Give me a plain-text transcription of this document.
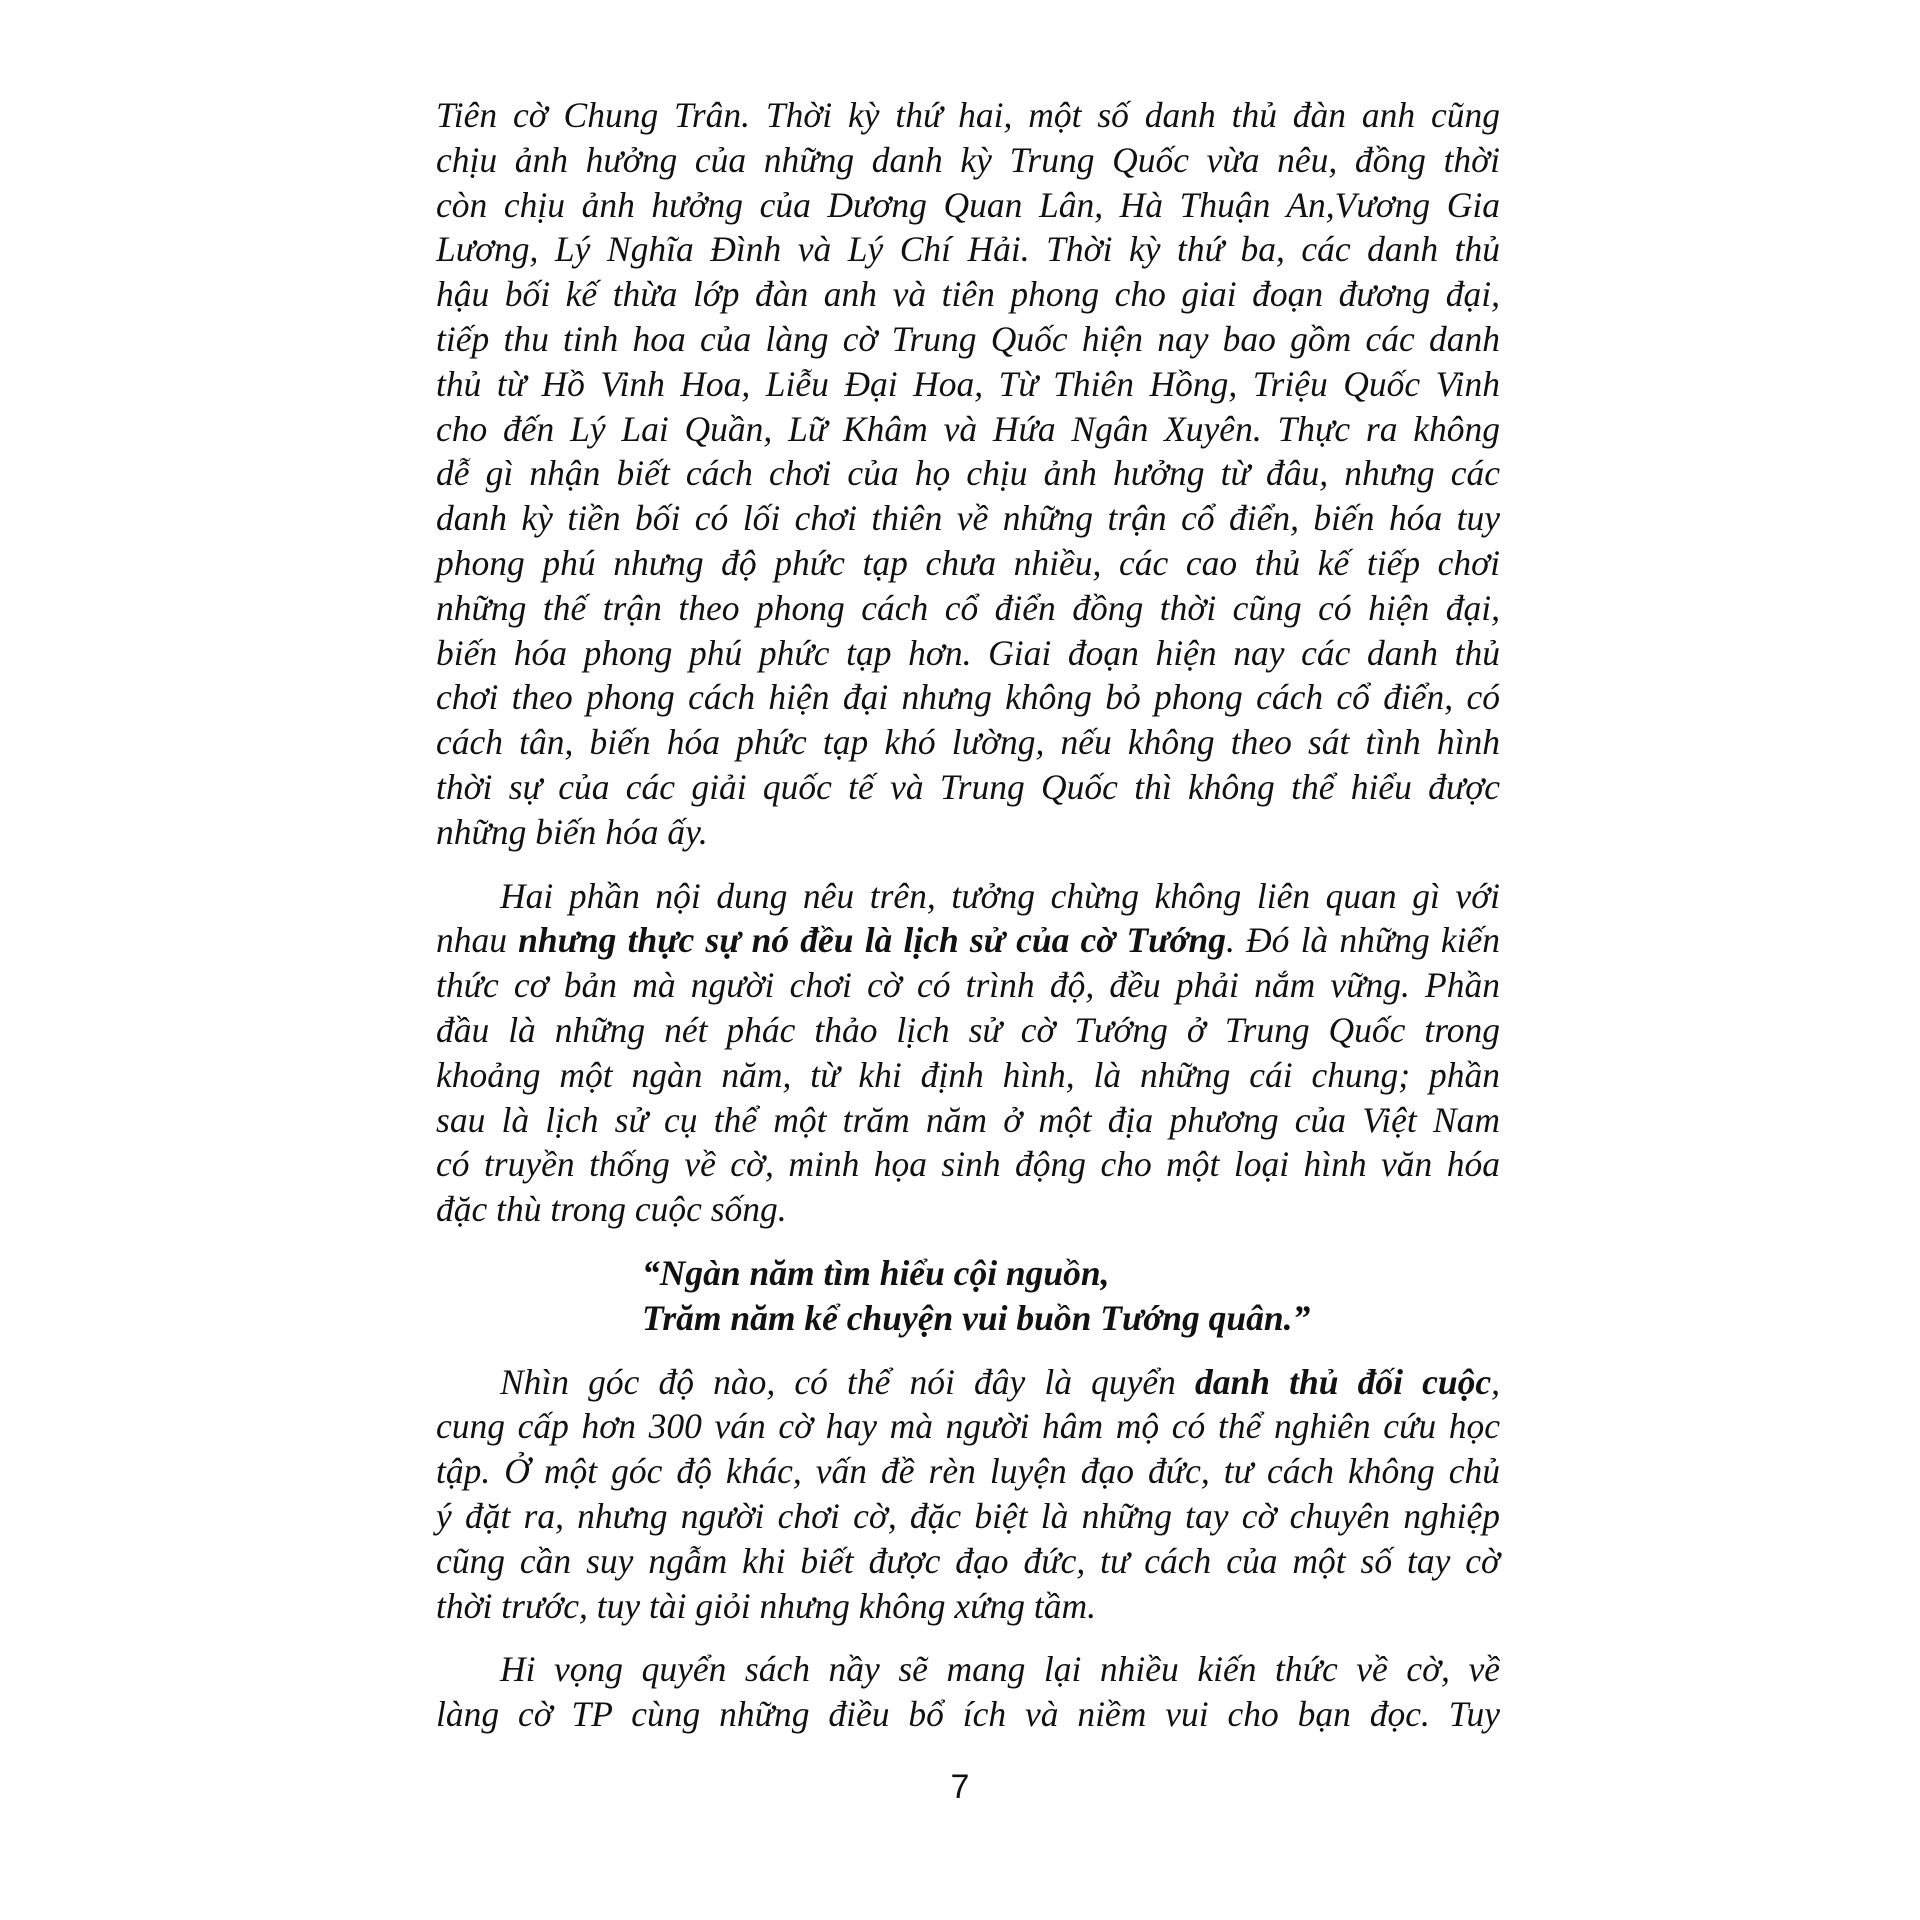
Tiên cờ Chung Trân. Thời kỳ thứ hai, một số danh thủ đàn anh cũng
chịu ảnh hưởng của những danh kỳ Trung Quốc vừa nêu, đồng thời
còn chịu ảnh hưởng của Dương Quan Lân, Hà Thuận An,Vương Gia
Lương, Lý Nghĩa Đình và Lý Chí Hải. Thời kỳ thứ ba, các danh thủ
hậu bối kế thừa lớp đàn anh và tiên phong cho giai đoạn đương đại,
tiếp thu tinh hoa của làng cờ Trung Quốc hiện nay bao gồm các danh
thủ từ Hồ Vinh Hoa, Liễu Đại Hoa, Từ Thiên Hồng, Triệu Quốc Vinh
cho đến Lý Lai Quần, Lữ Khâm và Hứa Ngân Xuyên. Thực ra không
dễ gì nhận biết cách chơi của họ chịu ảnh hưởng từ đâu, nhưng các
danh kỳ tiền bối có lối chơi thiên về những trận cổ điển, biến hóa tuy
phong phú nhưng độ phức tạp chưa nhiều, các cao thủ kế tiếp chơi
những thế trận theo phong cách cổ điển đồng thời cũng có hiện đại,
biến hóa phong phú phức tạp hơn. Giai đoạn hiện nay các danh thủ
chơi theo phong cách hiện đại nhưng không bỏ phong cách cổ điển, có
cách tân, biến hóa phức tạp khó lường, nếu không theo sát tình hình
thời sự của các giải quốc tế và Trung Quốc thì không thể hiểu được
những biến hóa ấy.
Hai phần nội dung nêu trên, tưởng chừng không liên quan gì với
nhau nhưng thực sự nó đều là lịch sử của cờ Tướng. Đó là những kiến
thức cơ bản mà người chơi cờ có trình độ, đều phải nắm vững. Phần
đầu là những nét phác thảo lịch sử cờ Tướng ở Trung Quốc trong
khoảng một ngàn năm, từ khi định hình, là những cái chung; phần
sau là lịch sử cụ thể một trăm năm ở một địa phương của Việt Nam
có truyền thống về cờ, minh họa sinh động cho một loại hình văn hóa
đặc thù trong cuộc sống.
“Ngàn năm tìm hiểu cội nguồn,
Trăm năm kể chuyện vui buồn Tướng quân.”
Nhìn góc độ nào, có thể nói đây là quyển danh thủ đối cuộc,
cung cấp hơn 300 ván cờ hay mà người hâm mộ có thể nghiên cứu học
tập. Ở một góc độ khác, vấn đề rèn luyện đạo đức, tư cách không chủ
ý đặt ra, nhưng người chơi cờ, đặc biệt là những tay cờ chuyên nghiệp
cũng cần suy ngẫm khi biết được đạo đức, tư cách của một số tay cờ
thời trước, tuy tài giỏi nhưng không xứng tầm.
Hi vọng quyển sách nầy sẽ mang lại nhiều kiến thức về cờ, về
làng cờ TP cùng những điều bổ ích và niềm vui cho bạn đọc. Tuy
7
